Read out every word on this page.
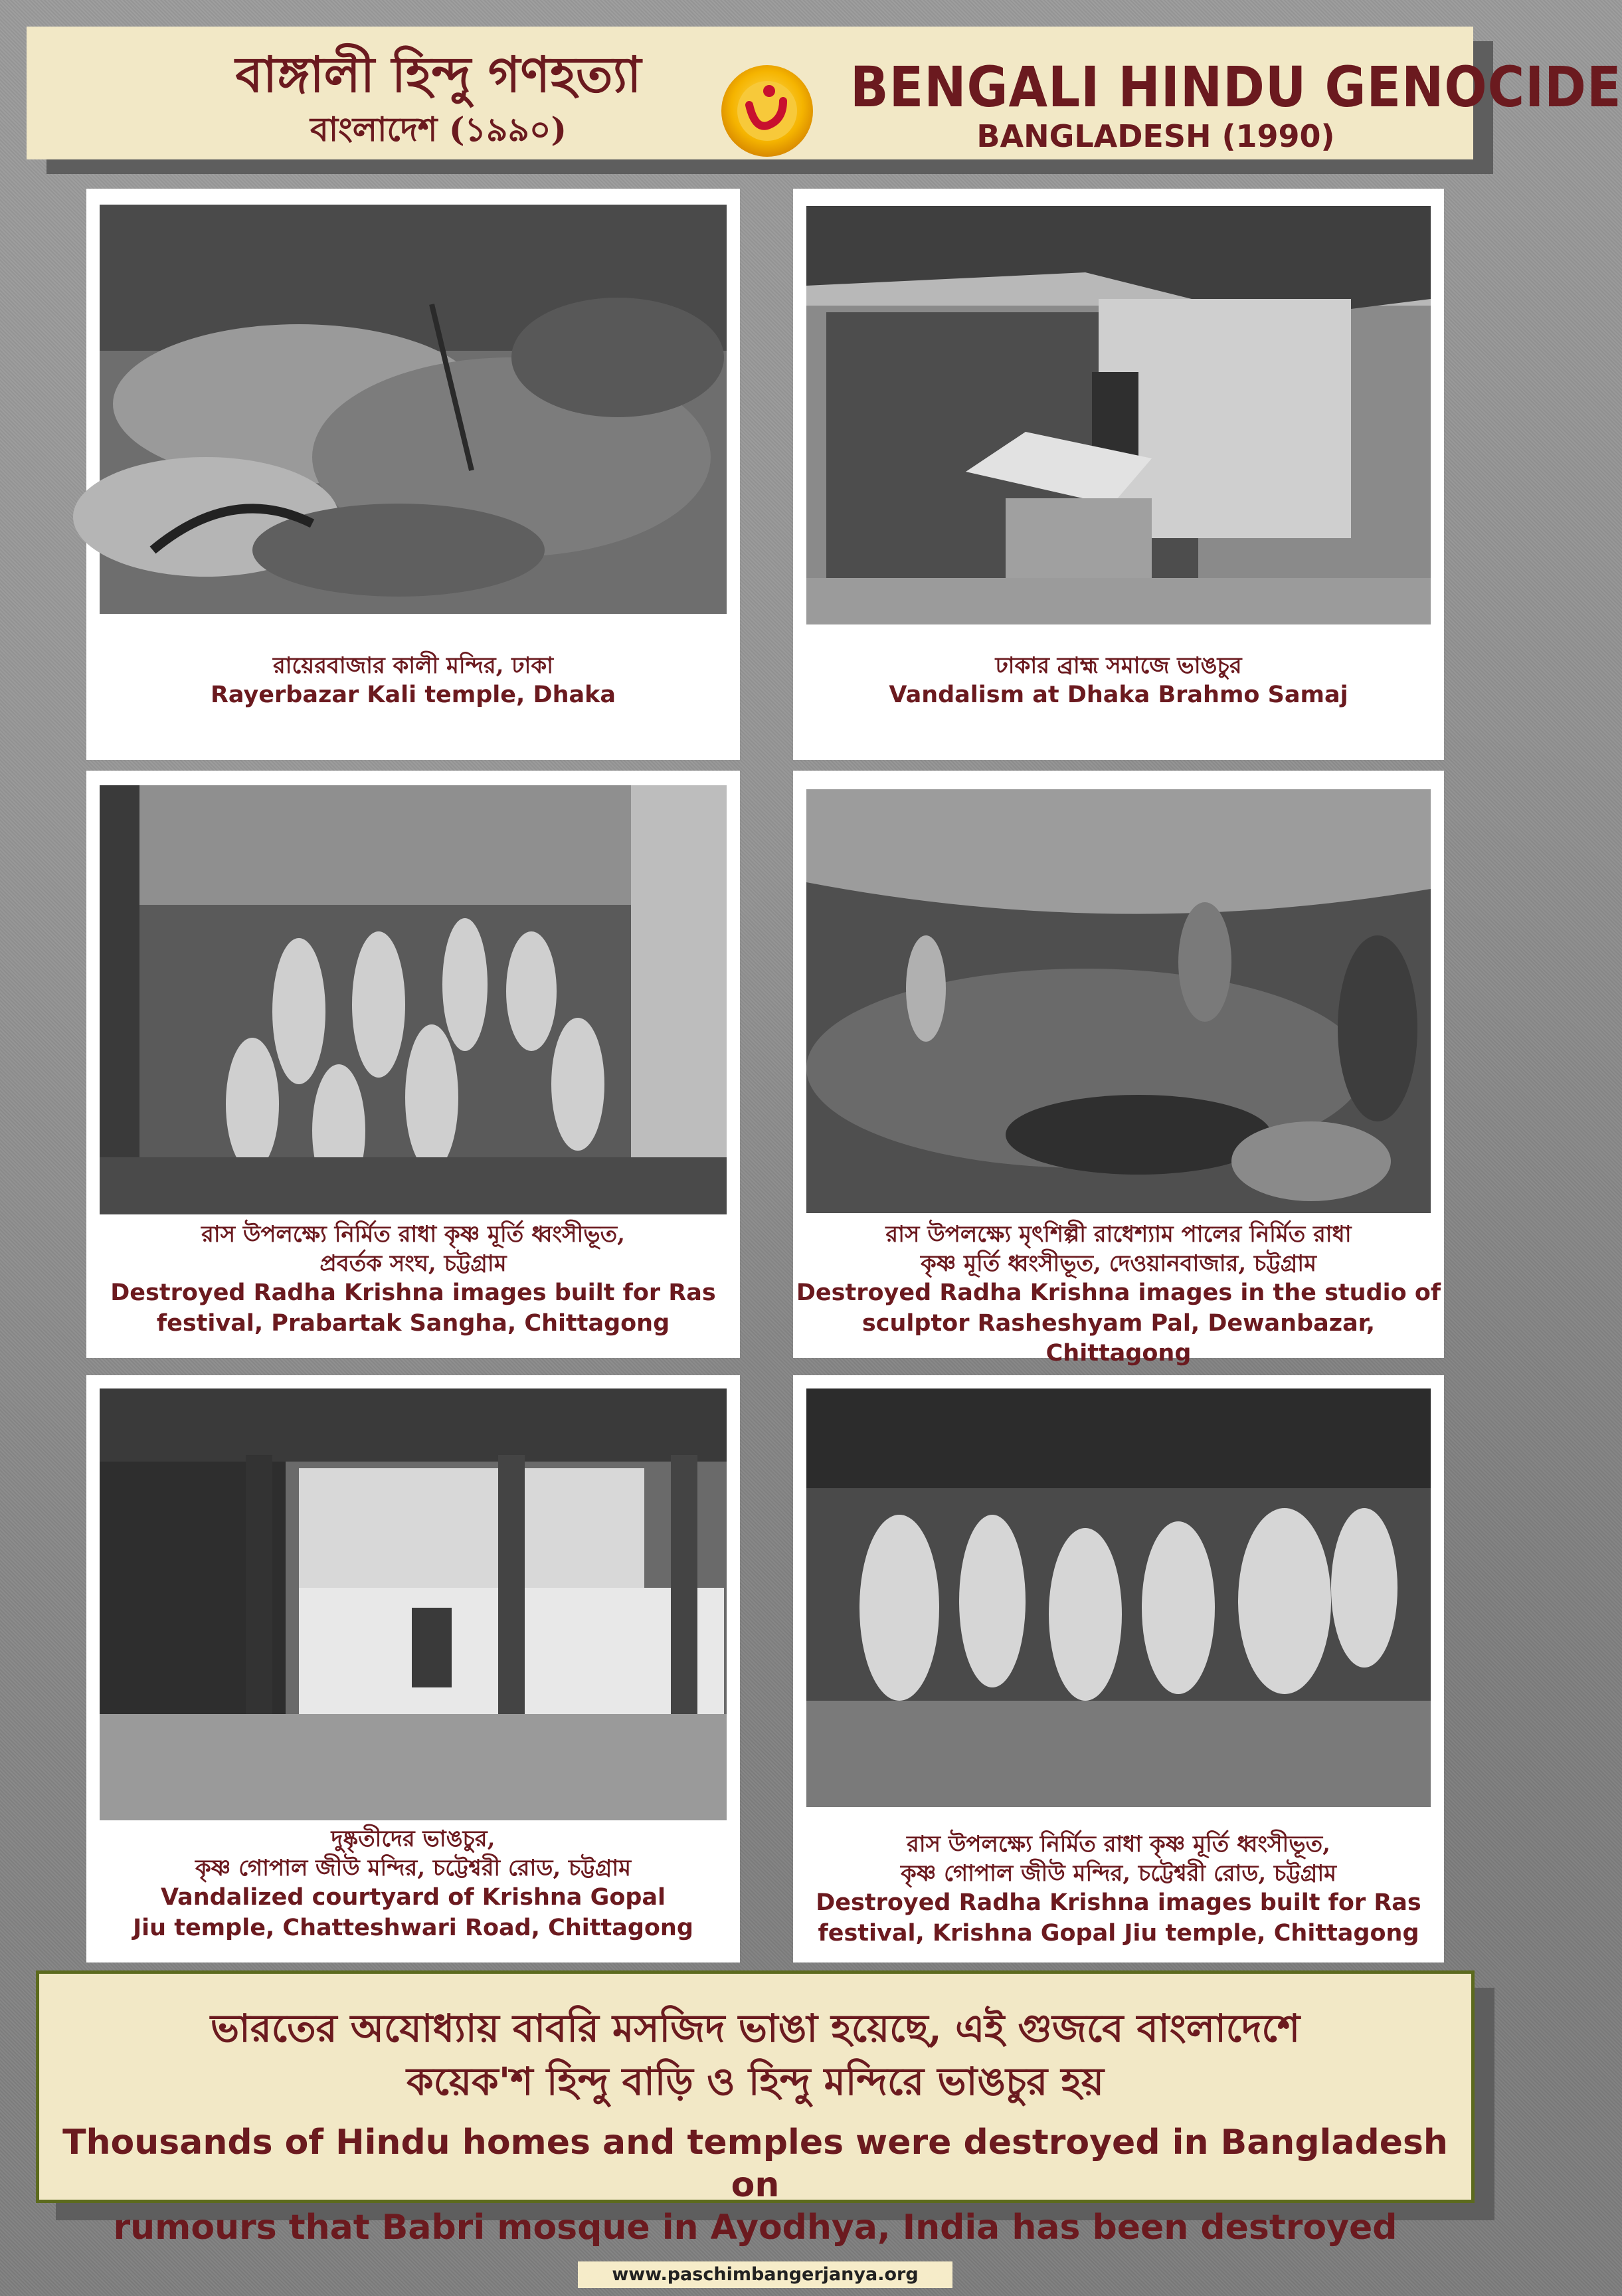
বাঙ্গালী হিন্দু গণহত্যা
বাংলাদেশ (১৯৯০)
BENGALI HINDU GENOCIDE
BANGLADESH (1990)
রায়েরবাজার কালী মন্দির, ঢাকা
Rayerbazar Kali temple, Dhaka
ঢাকার ব্রাহ্ম সমাজে ভাঙচুর
Vandalism at Dhaka Brahmo Samaj
রাস উপলক্ষ্যে নির্মিত রাধা কৃষ্ণ মূর্তি ধ্বংসীভূত,
প্রবর্তক সংঘ, চট্টগ্রাম
Destroyed Radha Krishna images built for Ras
festival, Prabartak Sangha, Chittagong
রাস উপলক্ষ্যে মৃৎশিল্পী রাধেশ্যাম পালের নির্মিত রাধা
কৃষ্ণ মূর্তি ধ্বংসীভূত, দেওয়ানবাজার, চট্টগ্রাম
Destroyed Radha Krishna images in the studio of
sculptor Rasheshyam Pal, Dewanbazar, Chittagong
দুষ্কৃতীদের ভাঙচুর,
কৃষ্ণ গোপাল জীউ মন্দির, চট্টেশ্বরী রোড, চট্টগ্রাম
Vandalized courtyard of Krishna Gopal
Jiu temple, Chatteshwari Road, Chittagong
রাস উপলক্ষ্যে নির্মিত রাধা কৃষ্ণ মূর্তি ধ্বংসীভূত,
কৃষ্ণ গোপাল জীউ মন্দির, চট্টেশ্বরী রোড, চট্টগ্রাম
Destroyed Radha Krishna images built for Ras
festival, Krishna Gopal Jiu temple, Chittagong
ভারতের অযোধ্যায় বাবরি মসজিদ ভাঙা হয়েছে, এই গুজবে বাংলাদেশে
কয়েক'শ হিন্দু বাড়ি ও হিন্দু মন্দিরে ভাঙচুর হয়
Thousands of Hindu homes and temples were destroyed in Bangladesh on
rumours that Babri mosque in Ayodhya, India has been destroyed
www.paschimbangerjanya.org
